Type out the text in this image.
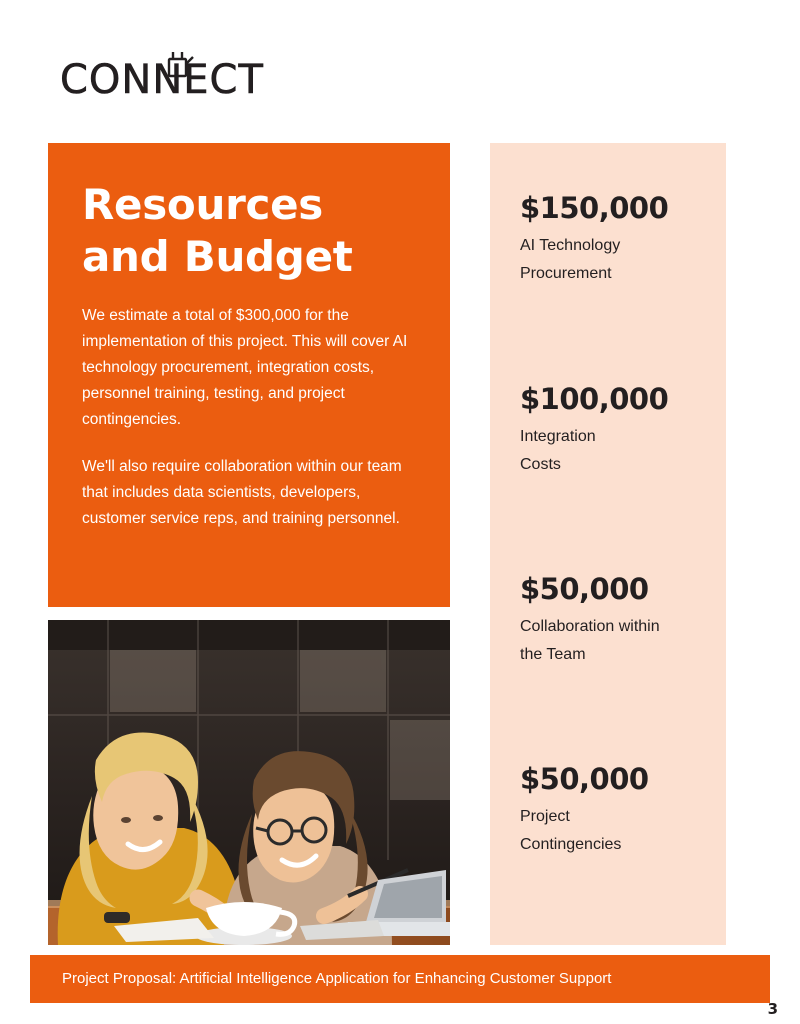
CONNECT
Resources
and Budget

We estimate a total of $300,000 for the implementation of this project. This will cover AI technology procurement, integration costs, personnel training, testing, and project contingencies.

We'll also require collaboration within our team that includes data scientists, developers, customer service reps, and training personnel.

$150,000
AI Technology
Procurement
$100,000
Integration
Costs
$50,000
Collaboration within
the Team
$50,000
Project
Contingencies
Project Proposal: Artificial Intelligence Application for Enhancing Customer Support
3
